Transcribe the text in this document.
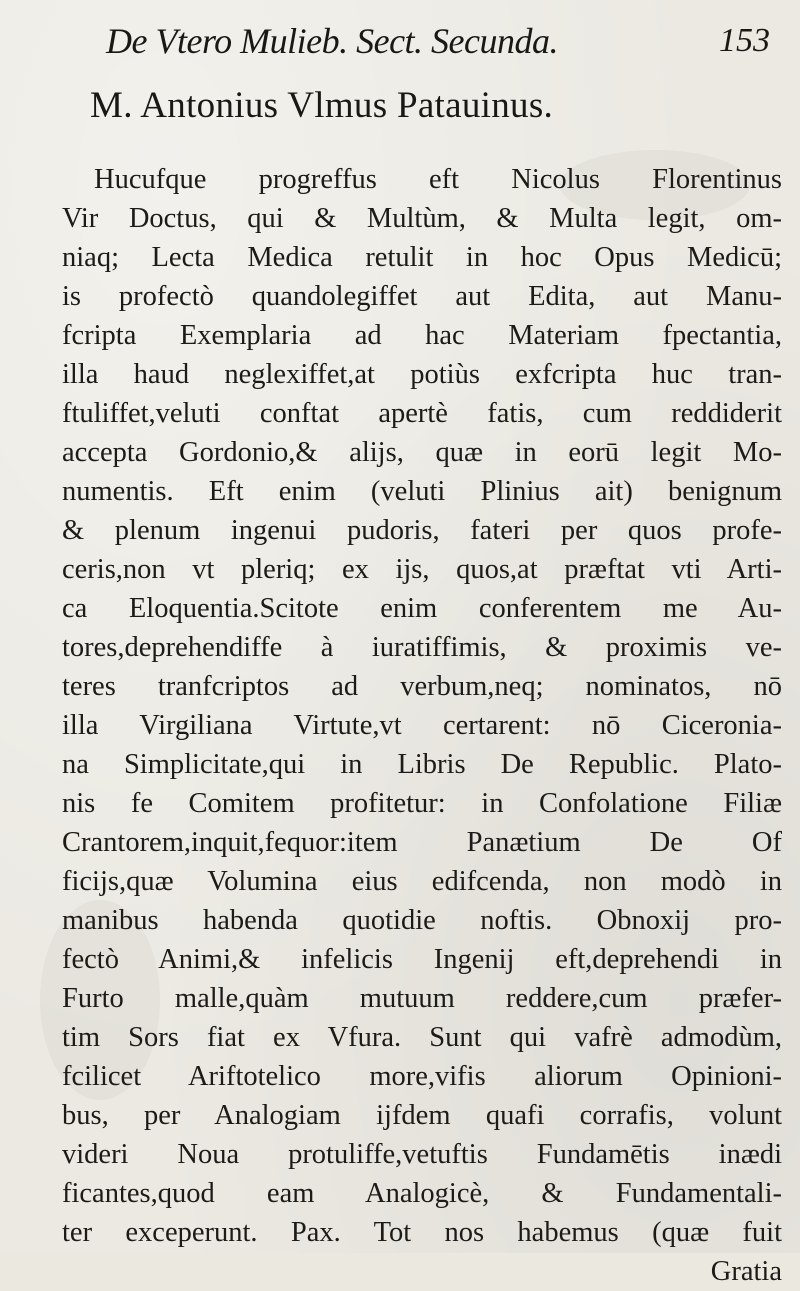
De Vtero Mulieb. Sect. Secunda.	153
M. Antonius Vlmus Patauinus.
Hucufque progreffus eft Nicolus Florentinus
Vir Doctus, qui & Multùm, & Multa legit, om-
niaq; Lecta Medica retulit in hoc Opus Medicū;
is profectò quandolegiffet aut Edita, aut Manu-
fcripta Exemplaria ad hac Materiam fpectantia,
illa haud neglexiffet,at potiùs exfcripta huc tran-
ftuliffet,veluti conftat apertè fatis, cum reddiderit
accepta Gordonio,& alijs, quæ in eorū legit Mo-
numentis. Eft enim (veluti Plinius ait) benignum
& plenum ingenui pudoris, fateri per quos profe-
ceris,non vt pleriq; ex ijs, quos,at præftat vti Arti-
ca Eloquentia.Scitote enim conferentem me Au-
tores,deprehendiffe à iuratiffimis, & proximis ve-
teres tranfcriptos ad verbum,neq; nominatos, nō
illa Virgiliana Virtute,vt certarent: nō Ciceronia-
na Simplicitate,qui in Libris De Republic. Plato-
nis fe Comitem profitetur: in Confolatione Filiæ
Crantorem,inquit,fequor:item Panætium De Of
ficijs,quæ Volumina eius edifcenda, non modò in
manibus habenda quotidie noftis. Obnoxij pro-
fectò Animi,& infelicis Ingenij eft,deprehendi in
Furto malle,quàm mutuum reddere,cum præfer-
tim Sors fiat ex Vfura. Sunt qui vafrè admodùm,
fcilicet Ariftotelico more,vifis aliorum Opinioni-
bus, per Analogiam ijfdem quafi corrafis, volunt
videri Noua protuliffe,vetuftis Fundamētis inædi
ficantes,quod eam Analogicè, & Fundamentali-
ter exceperunt. Pax. Tot nos habemus (quæ fuit
Gratia
